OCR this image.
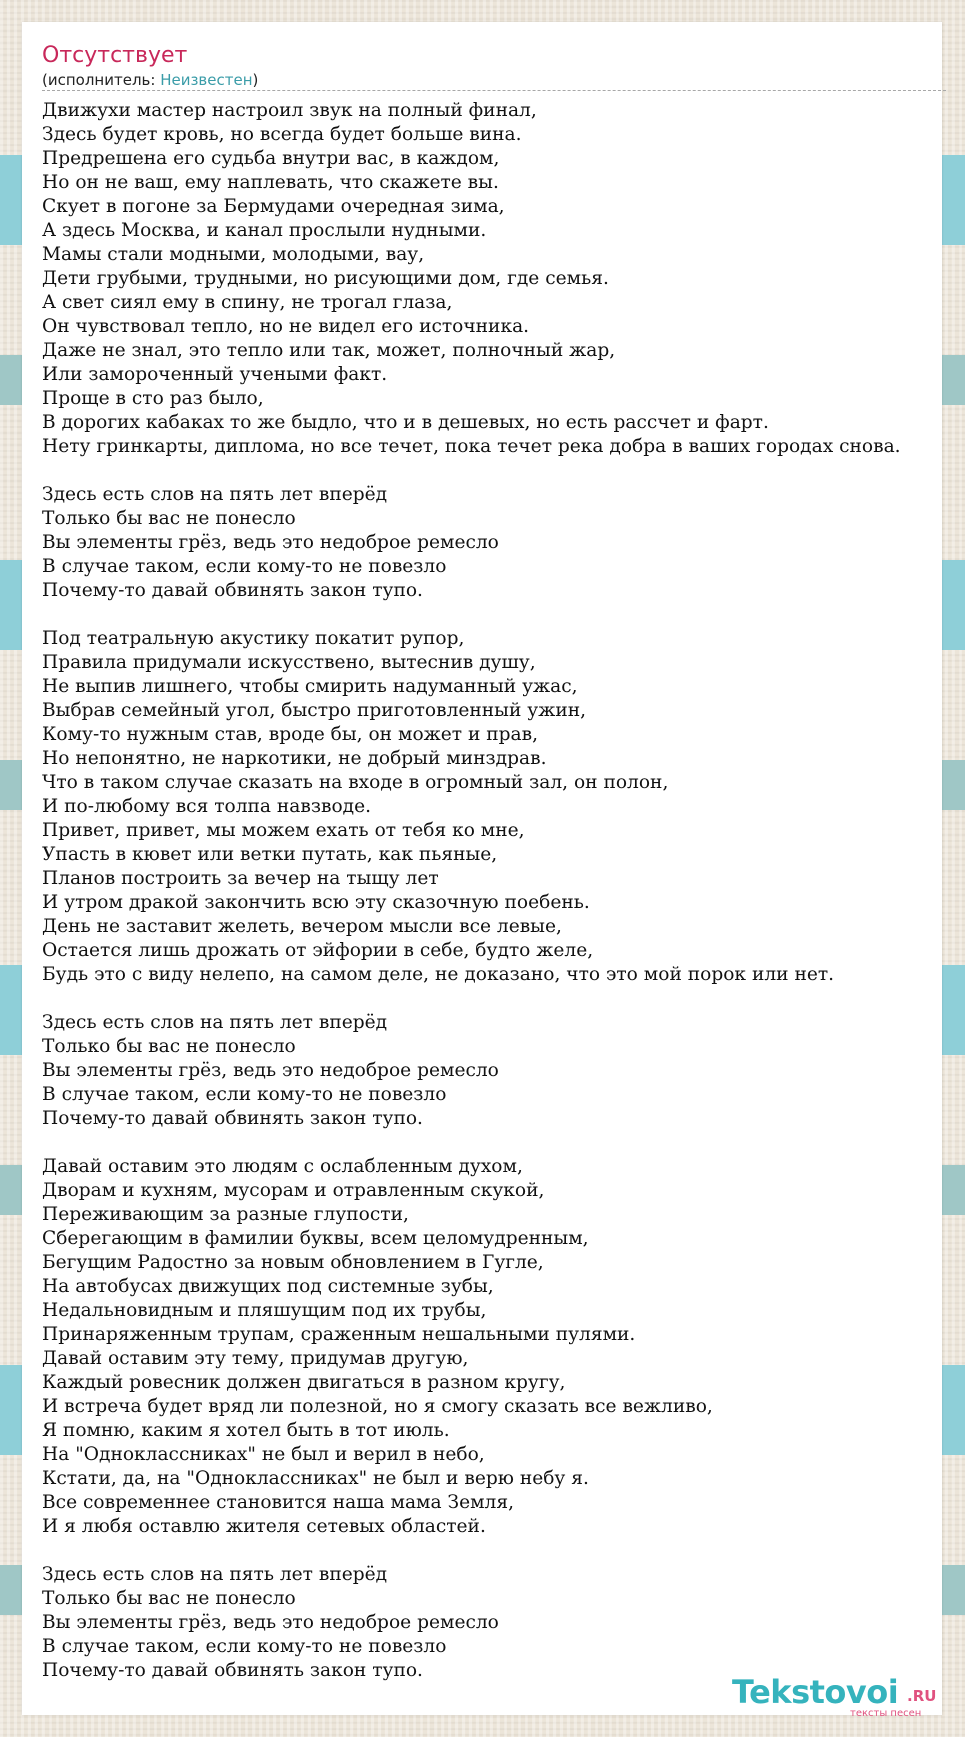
Отсутствует
(исполнитель: Неизвестен)
Движухи мастер настроил звук на полный финал,
Здесь будет кровь, но всегда будет больше вина.
Предрешена его судьба внутри вас, в каждом,
Но он не ваш, ему наплевать, что скажете вы.
Скует в погоне за Бермудами очередная зима,
А здесь Москва, и канал прослыли нудными.
Мамы стали модными, молодыми, вау,
Дети грубыми, трудными, но рисующими дом, где семья.
А свет сиял ему в спину, не трогал глаза,
Он чувствовал тепло, но не видел его источника.
Даже не знал, это тепло или так, может, полночный жар,
Или замороченный учеными факт.
Проще в сто раз было,
В дорогих кабаках то же быдло, что и в дешевых, но есть рассчет и фарт.
Нету гринкарты, диплома, но все течет, пока течет река добра в ваших городах снова.

Здесь есть слов на пять лет вперёд
Только бы вас не понесло
Вы элементы грёз, ведь это недоброе ремесло
В случае таком, если кому-то не повезло
Почему-то давай обвинять закон тупо.

Под театральную акустику покатит рупор,
Правила придумали искусствено, вытеснив душу,
Не выпив лишнего, чтобы смирить надуманный ужас,
Выбрав семейный угол, быстро приготовленный ужин,
Кому-то нужным став, вроде бы, он может и прав,
Но непонятно, не наркотики, не добрый минздрав.
Что в таком случае сказать на входе в огромный зал, он полон,
И по-любому вся толпа навзводе.
Привет, привет, мы можем ехать от тебя ко мне,
Упасть в кювет или ветки путать, как пьяные,
Планов построить за вечер на тыщу лет
И утром дракой закончить всю эту сказочную поебень.
День не заставит желеть, вечером мысли все левые,
Остается лишь дрожать от эйфории в себе, будто желе,
Будь это с виду нелепо, на самом деле, не доказано, что это мой порок или нет.

Здесь есть слов на пять лет вперёд
Только бы вас не понесло
Вы элементы грёз, ведь это недоброе ремесло
В случае таком, если кому-то не повезло
Почему-то давай обвинять закон тупо.

Давай оставим это людям с ослабленным духом,
Дворам и кухням, мусорам и отравленным скукой,
Переживающим за разные глупости,
Сберегающим в фамилии буквы, всем целомудренным,
Бегущим Радостно за новым обновлением в Гугле,
На автобусах движущих под системные зубы,
Недальновидным и пляшущим под их трубы,
Принаряженным трупам, сраженным нешальными пулями.
Давай оставим эту тему, придумав другую,
Каждый ровесник должен двигаться в разном кругу,
И встреча будет вряд ли полезной, но я смогу сказать все вежливо,
Я помню, каким я хотел быть в тот июль.
На "Одноклассниках" не был и верил в небо,
Кстати, да, на "Одноклассниках" не был и верю небу я.
Все современнее становится наша мама Земля,
И я любя оставлю жителя сетевых областей.

Здесь есть слов на пять лет вперёд
Только бы вас не понесло
Вы элементы грёз, ведь это недоброе ремесло
В случае таком, если кому-то не повезло
Почему-то давай обвинять закон тупо.
Tekstovoi .RU
тексты песен
